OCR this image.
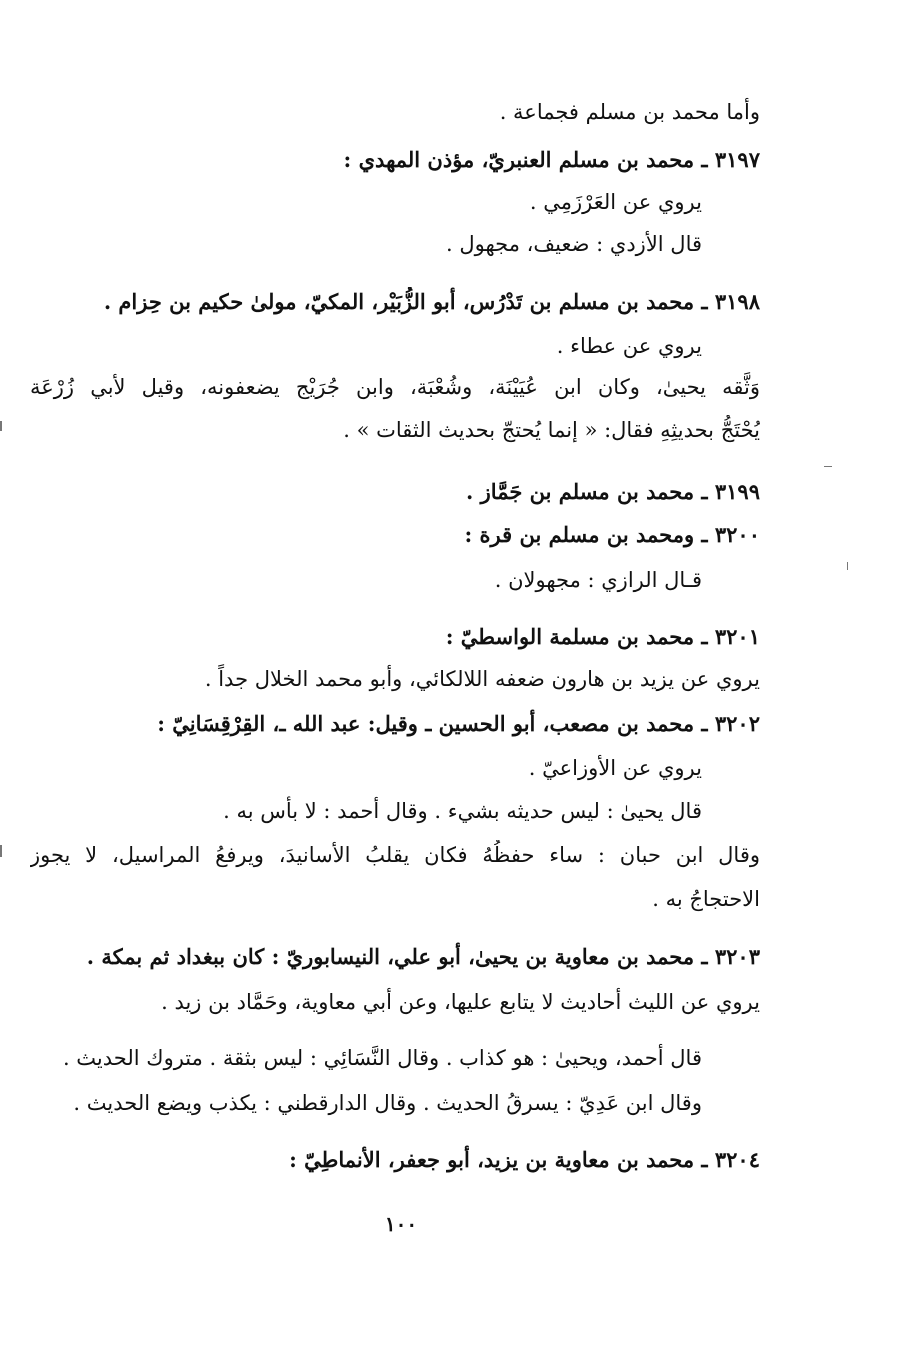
وأما محمد بن مسلم فجماعة .
٣١٩٧ ـ محمد بن مسلم العنبريّ، مؤذن المهدي :
يروي عن العَرْزَمِي .
قال الأزدي : ضعيف، مجهول .
٣١٩٨ ـ محمد بن مسلم بن تَدْرُس، أبو الزُّبَيْر، المكيّ، مولىٰ حكيم بن حِزام .
يروي عن عطاء .
وَثَّقه يحيىٰ، وكان ابن عُيَيْنَة، وشُعْبَة، وابن جُرَيْج يضعفونه، وقيل لأبي زُرْعَة
يُحْتَجُّ بحديثِهِ فقال: « إنما يُحتجّ بحديث الثقات » .
٣١٩٩ ـ محمد بن مسلم بن جَمَّاز .
٣٢٠٠ ـ ومحمد بن مسلم بن قرة :
قـال الرازي : مجهولان .
٣٢٠١ ـ محمد بن مسلمة الواسطيّ :
يروي عن يزيد بن هارون ضعفه اللالكائي، وأبو محمد الخلال جداً .
٣٢٠٢ ـ محمد بن مصعب، أبو الحسين ـ وقيل: عبد الله ـ، القِرْقِسَانِيّ :
يروي عن الأوزاعيّ .
قال يحيىٰ : ليس حديثه بشيء . وقال أحمد : لا بأس به .
وقال ابن حبان : ساء حفظُهُ فكان يقلبُ الأسانيدَ، ويرفعُ المراسيل، لا يجوز
الاحتجاجُ به .
٣٢٠٣ ـ محمد بن معاوية بن يحيىٰ، أبو علي، النيسابوريّ : كان ببغداد ثم بمكة .
يروي عن الليث أحاديث لا يتابع عليها، وعن أبي معاوية، وحَمَّاد بن زيد .
قال أحمد، ويحيىٰ : هو كذاب . وقال النَّسَائِي : ليس بثقة . متروك الحديث .
وقال ابن عَدِيّ : يسرقُ الحديث . وقال الدارقطني : يكذب ويضع الحديث .
٣٢٠٤ ـ محمد بن معاوية بن يزيد، أبو جعفر، الأنماطِيّ :
١٠٠
